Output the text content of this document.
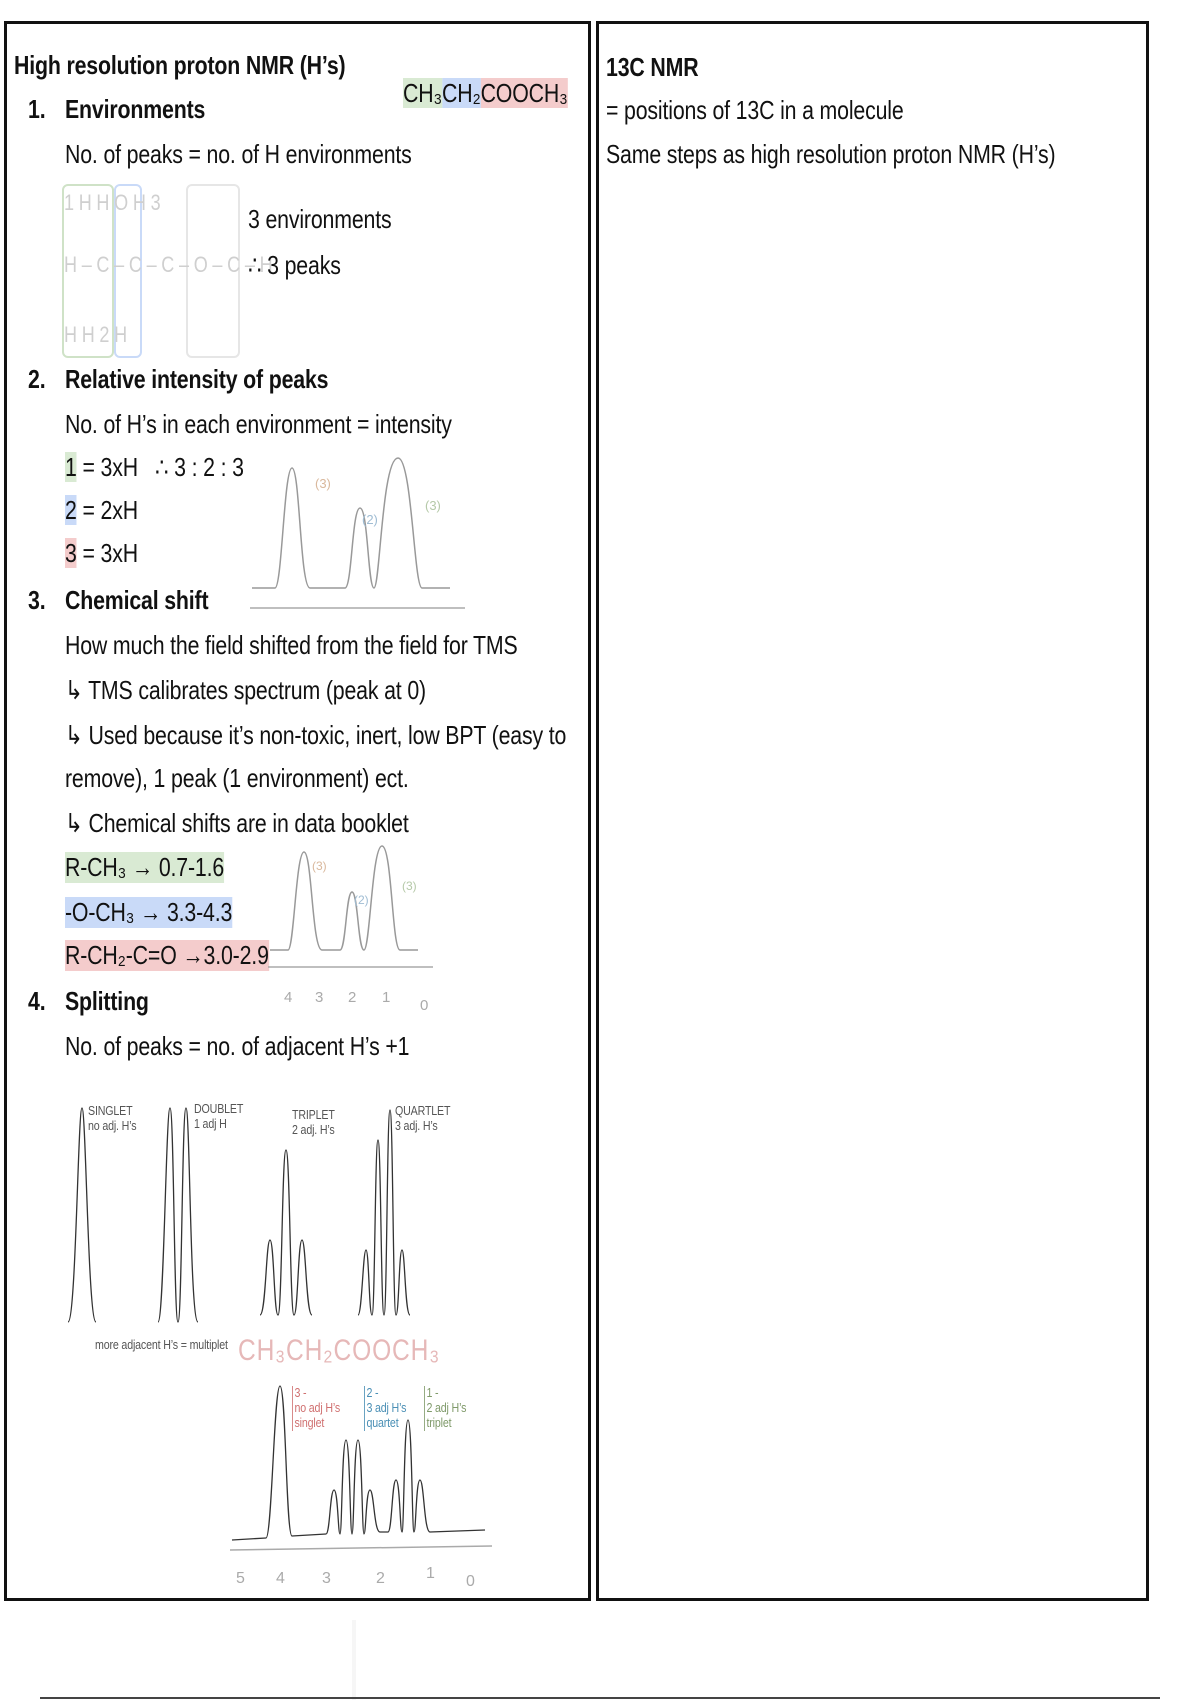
High resolution proton NMR (H’s)
CH₃CH₂COOCH₃
1. Environments
No. of peaks = no. of H environments
1 H H O H 3
H – C – C – C – O – C – H
H H 2 H
3 environments
∴ 3 peaks
2. Relative intensity of peaks
No. of H’s in each environment = intensity
1 = 3xH ∴ 3 : 2 : 3
2 = 2xH
3 = 3xH
(3)
(2)
(3)
3. Chemical shift
How much the field shifted from the field for TMS
↳ TMS calibrates spectrum (peak at 0)
↳ Used because it’s non-toxic, inert, low BPT (easy to
remove), 1 peak (1 environment) ect.
↳ Chemical shifts are in data booklet
R-CH₃ → 0.7-1.6
-O-CH₃ → 3.3-4.3
R-CH₂-C=O →3.0-2.9
(3)
(2)
(3)
4 3 2 1 0
4. Splitting
No. of peaks = no. of adjacent H’s +1
SINGLET
no adj. H’s
DOUBLET
1 adj H
TRIPLET
2 adj. H’s
QUARTLET
3 adj. H’s
more adjacent H’s = multiplet CH₃CH₂COOCH₃
5 4 3	2	1 0
3 -
no adj H’s
singlet
2 -
3 adj H’s
quartet
1 -
2 adj H’s
triplet
13C NMR
= positions of 13C in a molecule
Same steps as high resolution proton NMR (H’s)
